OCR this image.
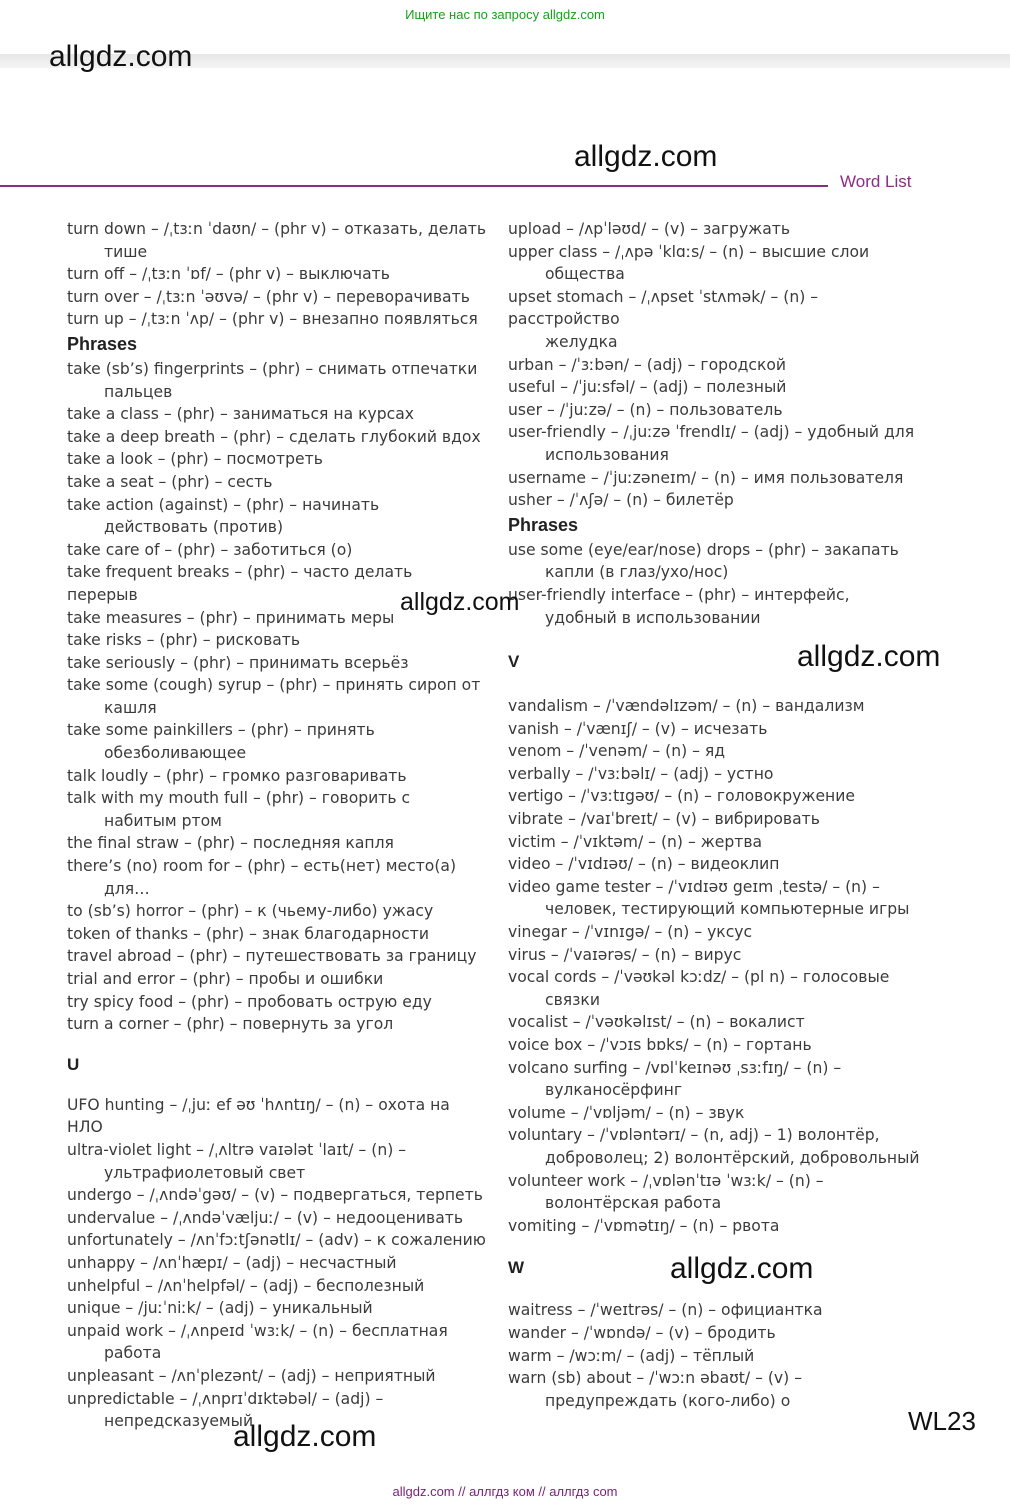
Ищите нас по запросу allgdz.com
allgdz.com
allgdz.com
Word List
turn down – /ˌtɜːn ˈdaʊn/ – (phr v) – отказать, делать
тише
turn off – /ˌtɜːn ˈɒf/ – (phr v) – выключать
turn over – /ˌtɜːn ˈəʊvə/ – (phr v) – переворачивать
turn up – /ˌtɜːn ˈʌp/ – (phr v) – внезапно появляться
Phrases
take (sb’s) fingerprints – (phr) – снимать отпечатки
пальцев
take a class – (phr) – заниматься на курсах
take a deep breath – (phr) – сделать глубокий вдох
take a look – (phr) – посмотреть
take a seat – (phr) – сесть
take action (against) – (phr) – начинать
действовать (против)
take care of – (phr) – заботиться (о)
take frequent breaks – (phr) – часто делать перерыв
take measures – (phr) – принимать меры
take risks – (phr) – рисковать
take seriously – (phr) – принимать всерьёз
take some (cough) syrup – (phr) – принять сироп от
кашля
take some painkillers – (phr) – принять
обезболивающее
talk loudly – (phr) – громко разговаривать
talk with my mouth full – (phr) – говорить с
набитым ртом
the final straw – (phr) – последняя капля
there’s (no) room for – (phr) – есть(нет) место(а)
для…
to (sb’s) horror – (phr) – к (чьему-либо) ужасу
token of thanks – (phr) – знак благодарности
travel abroad – (phr) – путешествовать за границу
trial and error – (phr) – пробы и ошибки
try spicy food – (phr) – пробовать острую еду
turn a corner – (phr) – повернуть за угол
U
UFO hunting – /ˌjuː ef əʊ ˈhʌntɪŋ/ – (n) – охота на НЛО
ultra-violet light – /ˌʌltrə vaɪələt ˈlaɪt/ – (n) –
ультрафиолетовый свет
undergo – /ˌʌndəˈgəʊ/ – (v) – подвергаться, терпеть
undervalue – /ˌʌndəˈvæljuː/ – (v) – недооценивать
unfortunately – /ʌnˈfɔːtʃənətlɪ/ – (adv) – к сожалению
unhappy – /ʌnˈhæpɪ/ – (adj) – несчастный
unhelpful – /ʌnˈhelpfəl/ – (adj) – бесполезный
unique – /juːˈniːk/ – (adj) – уникальный
unpaid work – /ˌʌnpeɪd ˈwɜːk/ – (n) – бесплатная
работа
unpleasant – /ʌnˈplezənt/ – (adj) – неприятный
unpredictable – /ˌʌnprɪˈdɪktəbəl/ – (adj) –
непредсказуемый
upload – /ʌpˈləʊd/ – (v) – загружать
upper class – /ˌʌpə ˈklɑːs/ – (n) – высшие слои
общества
upset stomach – /ˌʌpset ˈstʌmək/ – (n) – расстройство
желудка
urban – /ˈɜːbən/ – (adj) – городской
useful – /ˈjuːsfəl/ – (adj) – полезный
user – /ˈjuːzə/ – (n) – пользователь
user-friendly – /ˌjuːzə ˈfrendlɪ/ – (adj) – удобный для
использования
username – /ˈjuːzəneɪm/ – (n) – имя пользователя
usher – /ˈʌʃə/ – (n) – билетёр
Phrases
use some (eye/ear/nose) drops – (phr) – закапать
капли (в глаз/ухо/нос)
user-friendly interface – (phr) – интерфейс,
удобный в использовании
V
vandalism – /ˈvændəlɪzəm/ – (n) – вандализм
vanish – /ˈvænɪʃ/ – (v) – исчезать
venom – /ˈvenəm/ – (n) – яд
verbally – /ˈvɜːbəlɪ/ – (adj) – устно
vertigo – /ˈvɜːtɪgəʊ/ – (n) – головокружение
vibrate – /vaɪˈbreɪt/ – (v) – вибрировать
victim – /ˈvɪktəm/ – (n) – жертва
video – /ˈvɪdɪəʊ/ – (n) – видеоклип
video game tester – /ˈvɪdɪəʊ geɪm ˌtestə/ – (n) –
человек, тестирующий компьютерные игры
vinegar – /ˈvɪnɪgə/ – (n) – уксус
virus – /ˈvaɪərəs/ – (n) – вирус
vocal cords – /ˈvəʊkəl kɔːdz/ – (pl n) – голосовые
связки
vocalist – /ˈvəʊkəlɪst/ – (n) – вокалист
voice box – /ˈvɔɪs bɒks/ – (n) – гортань
volcano surfing – /vɒlˈkeɪnəʊ ˌsɜːfɪŋ/ – (n) –
вулканосёрфинг
volume – /ˈvɒljəm/ – (n) – звук
voluntary – /ˈvɒləntərɪ/ – (n, adj) – 1) волонтёр,
доброволец; 2) волонтёрский, добровольный
volunteer work – /ˌvɒlənˈtɪə ˈwɜːk/ – (n) –
волонтёрская работа
vomiting – /ˈvɒmətɪŋ/ – (n) – рвота
W
waitress – /ˈweɪtrəs/ – (n) – официантка
wander – /ˈwɒndə/ – (v) – бродить
warm – /wɔːm/ – (adj) – тёплый
warn (sb) about – /ˈwɔːn əbaʊt/ – (v) –
предупреждать (кого-либо) о
allgdz.com
allgdz.com
allgdz.com
allgdz.com	WL23
allgdz.com // аллгдз ком // аллгдз com
